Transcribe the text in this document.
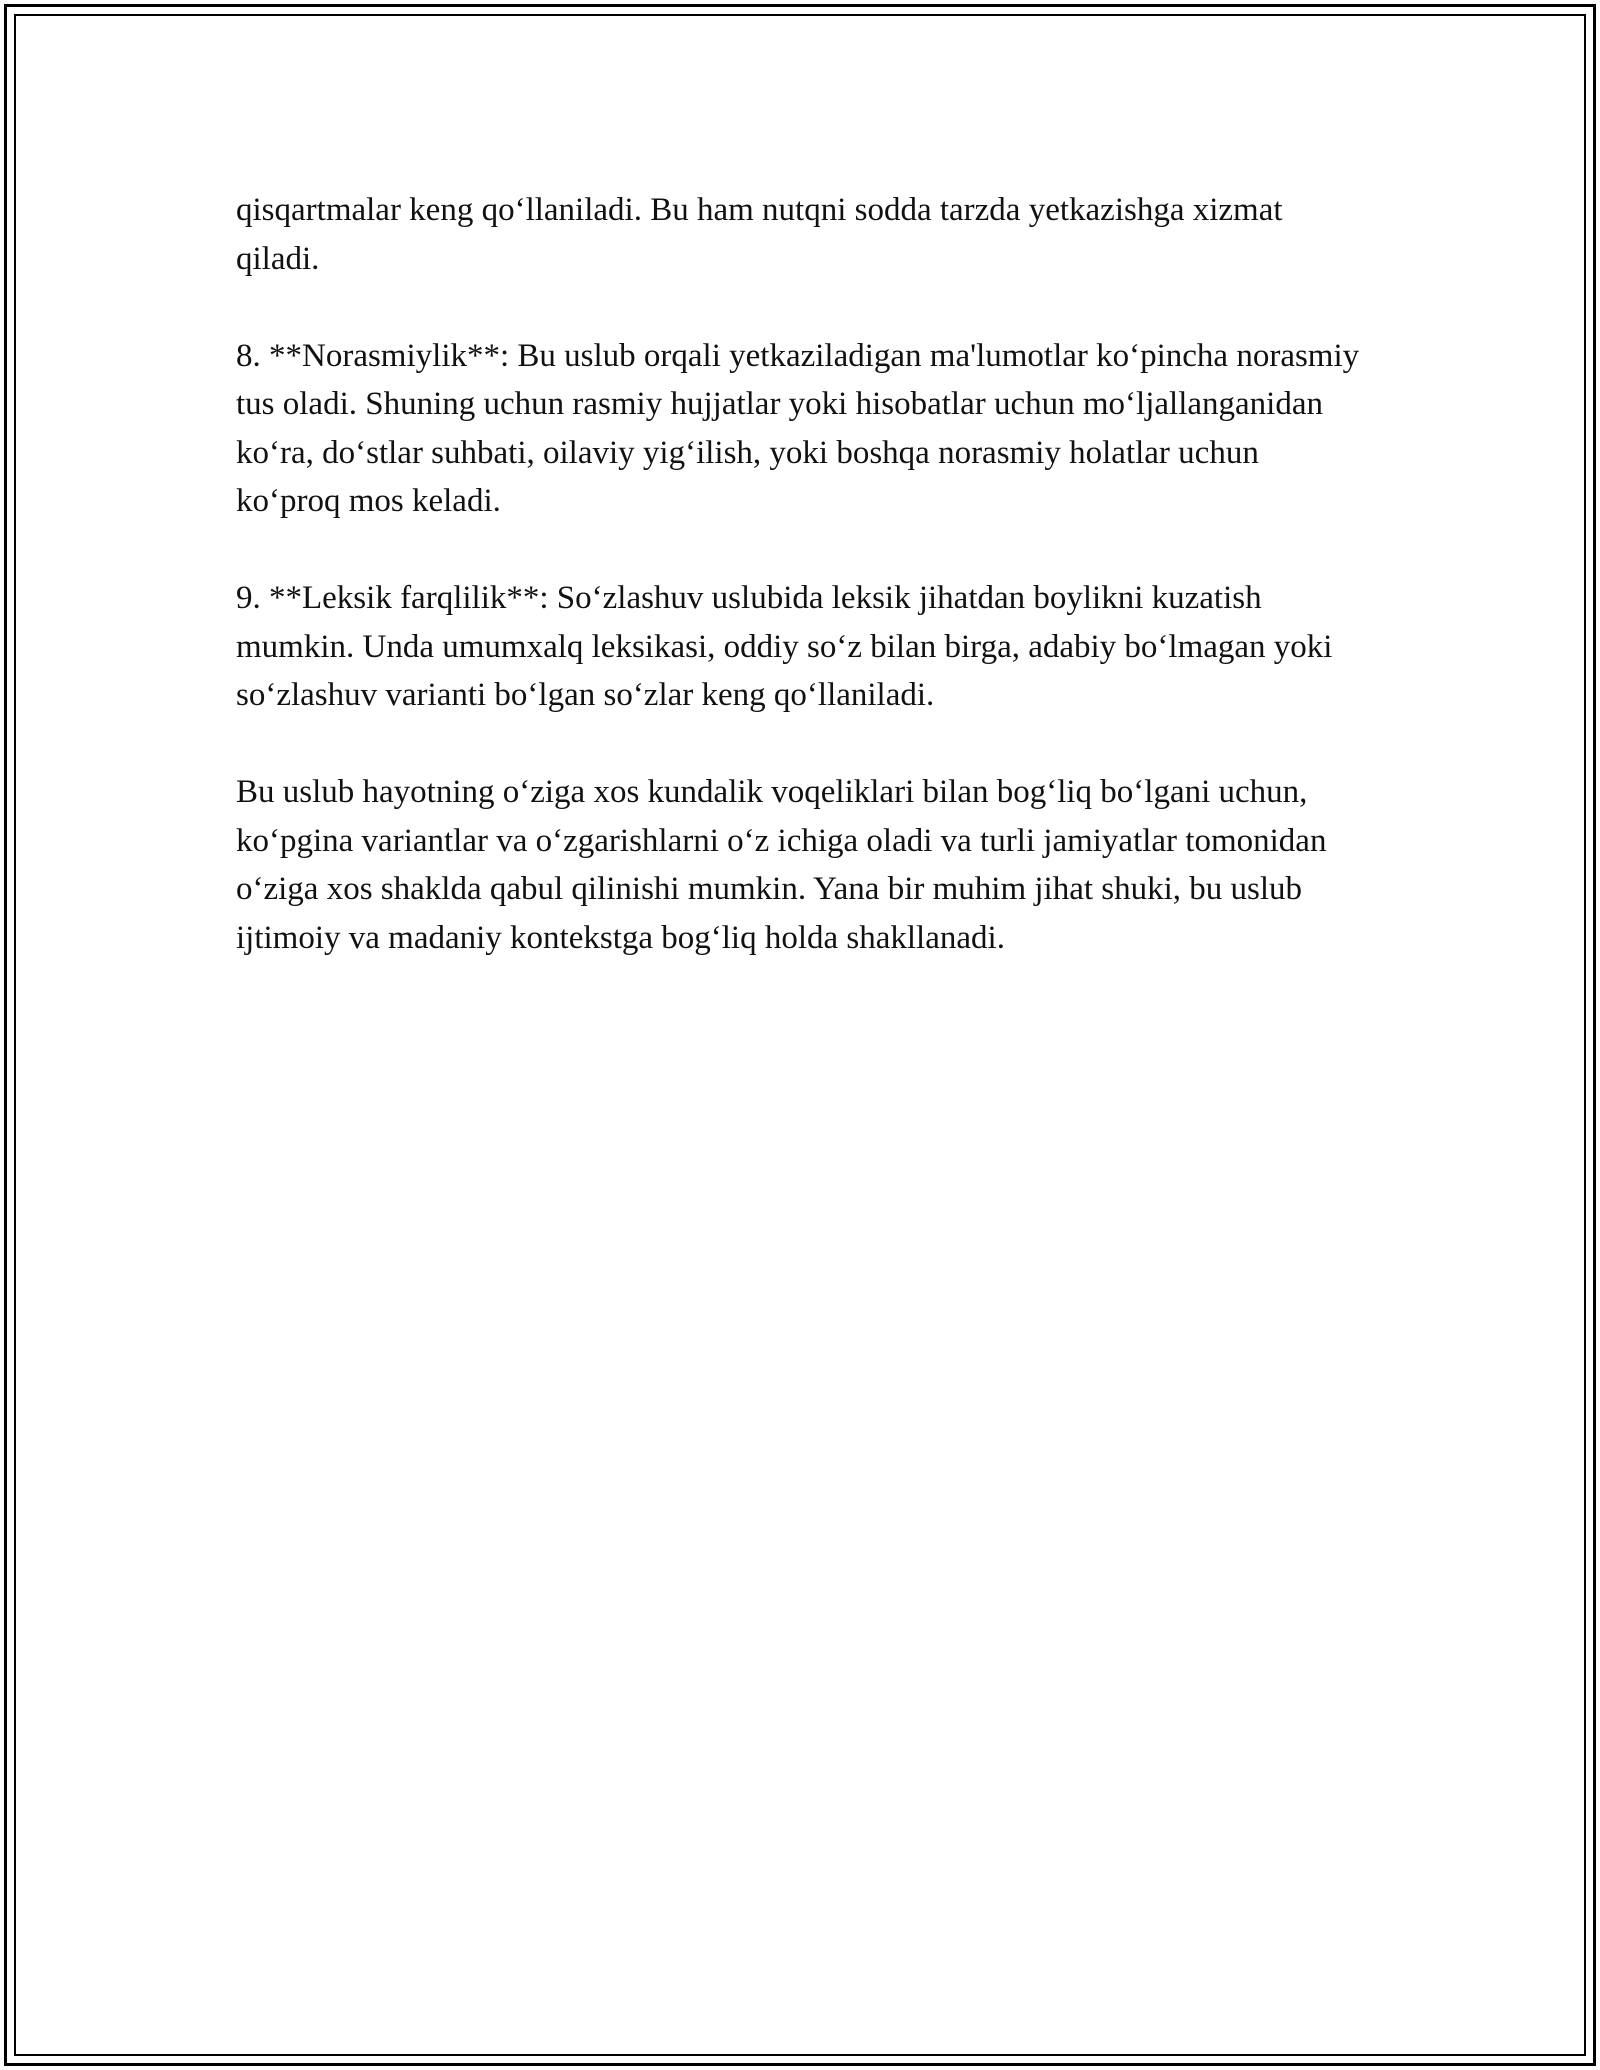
qisqartmalar keng qo‘llaniladi. Bu ham nutqni sodda tarzda yetkazishga xizmat qiladi.

8. **Norasmiylik**: Bu uslub orqali yetkaziladigan ma'lumotlar ko‘pincha norasmiy tus oladi. Shuning uchun rasmiy hujjatlar yoki hisobatlar uchun mo‘ljallanganidan ko‘ra, do‘stlar suhbati, oilaviy yig‘ilish, yoki boshqa norasmiy holatlar uchun ko‘proq mos keladi.

9. **Leksik farqlilik**: So‘zlashuv uslubida leksik jihatdan boylikni kuzatish mumkin. Unda umumxalq leksikasi, oddiy so‘z bilan birga, adabiy bo‘lmagan yoki so‘zlashuv varianti bo‘lgan so‘zlar keng qo‘llaniladi.

Bu uslub hayotning o‘ziga xos kundalik voqeliklari bilan bog‘liq bo‘lgani uchun, ko‘pgina variantlar va o‘zgarishlarni o‘z ichiga oladi va turli jamiyatlar tomonidan o‘ziga xos shaklda qabul qilinishi mumkin. Yana bir muhim jihat shuki, bu uslub ijtimoiy va madaniy kontekstga bog‘liq holda shakllanadi.
